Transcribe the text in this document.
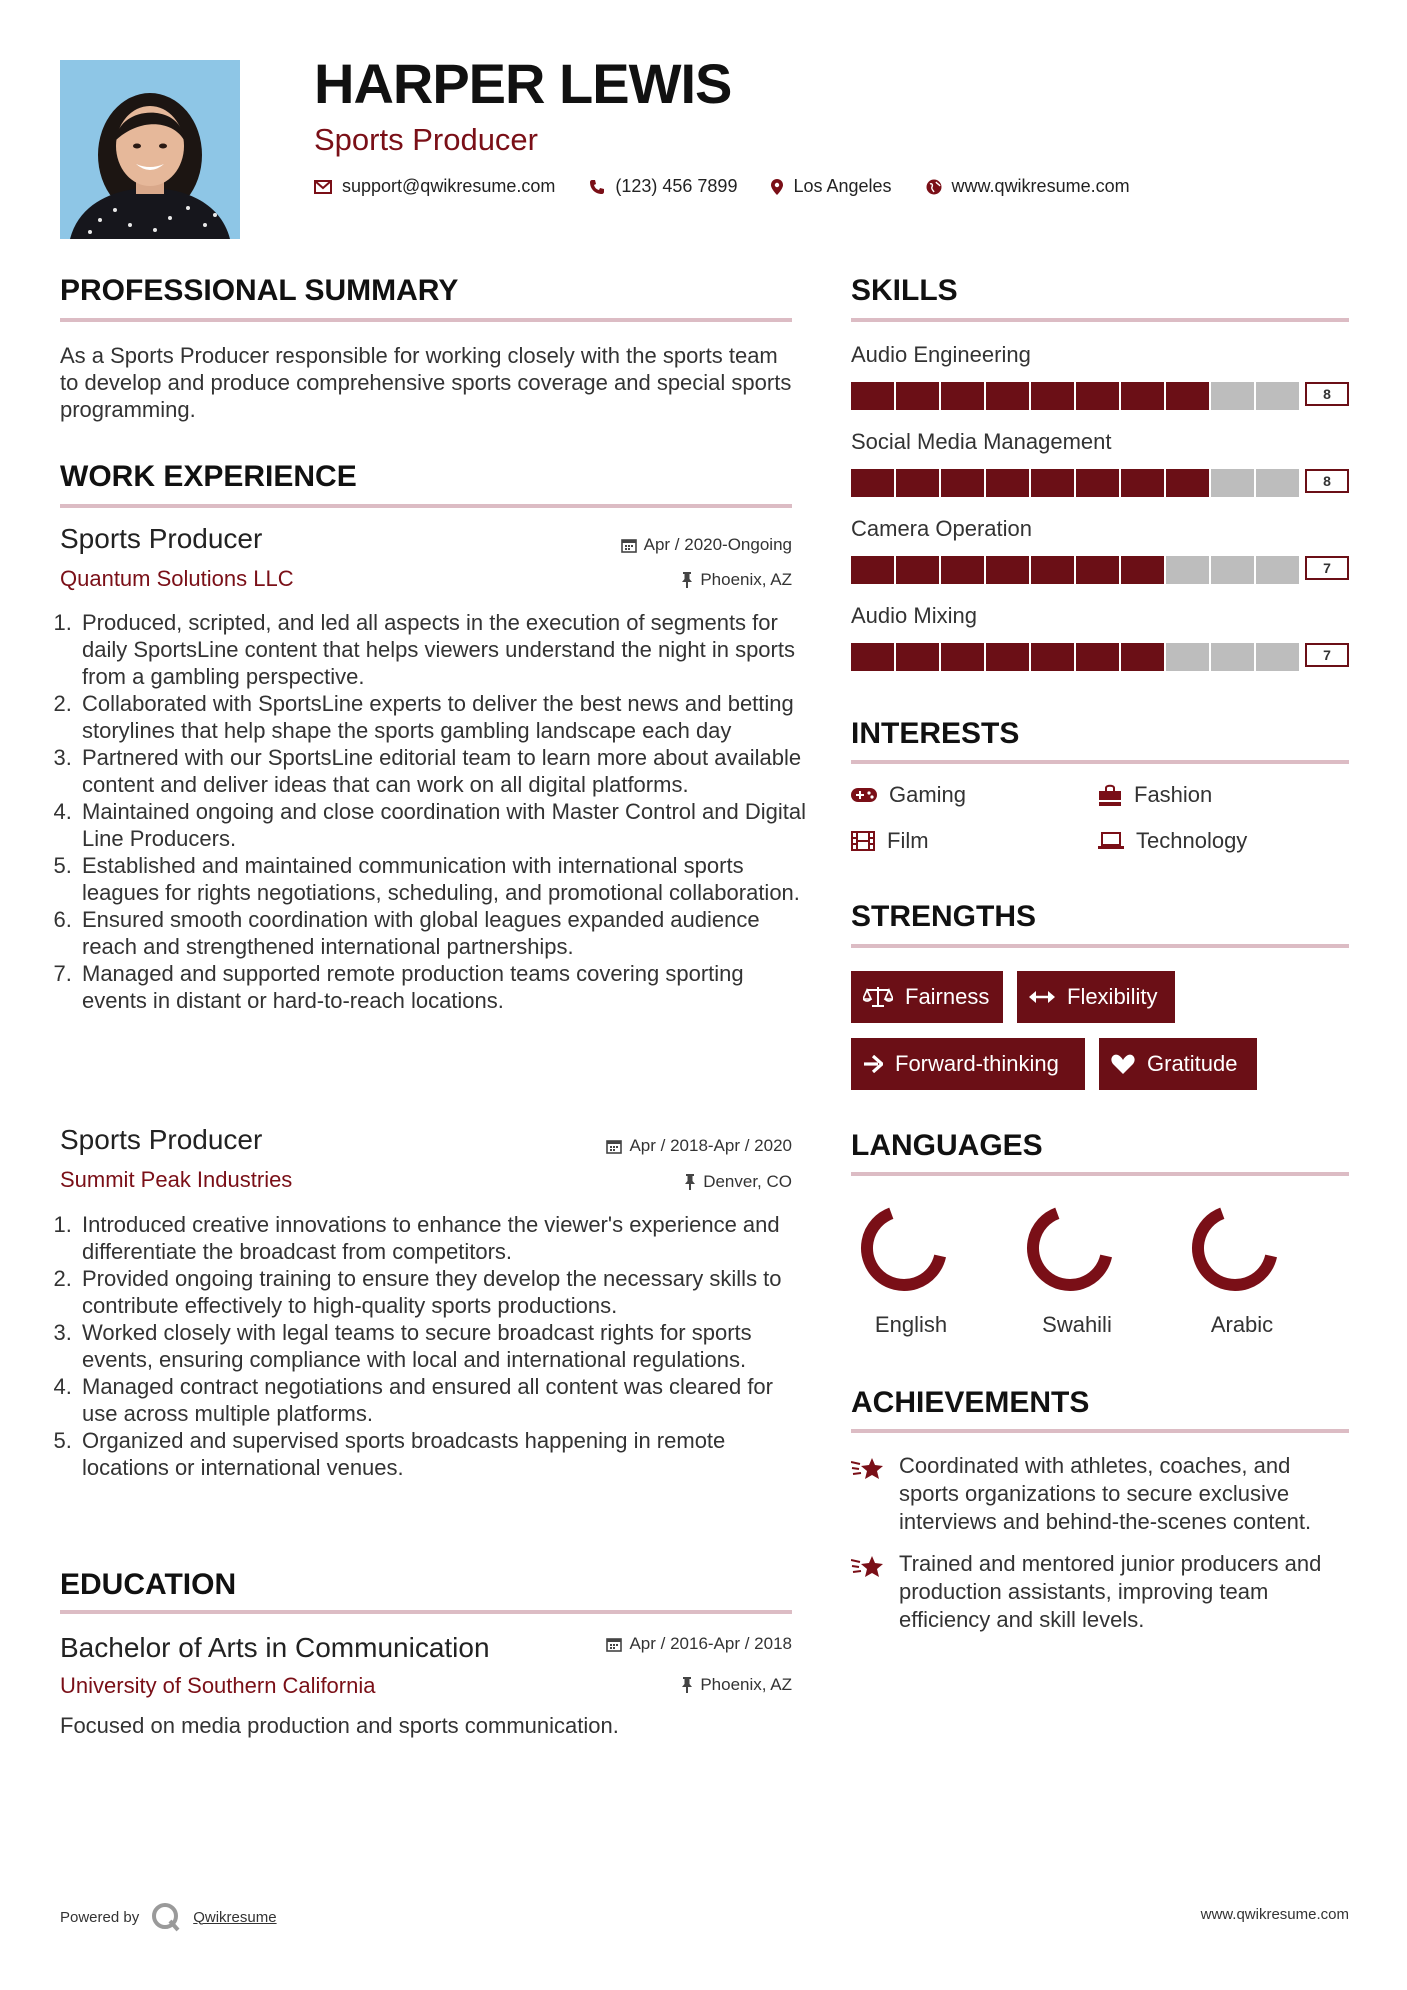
HARPER LEWIS
Sports Producer
support@qwikresume.com	(123) 456 7899	Los Angeles	www.qwikresume.com
PROFESSIONAL SUMMARY
As a Sports Producer responsible for working closely with the sports team to develop and produce comprehensive sports coverage and special sports programming.
WORK EXPERIENCE
Sports Producer	Apr / 2020-Ongoing
Quantum Solutions LLC	Phoenix, AZ
1. Produced, scripted, and led all aspects in the execution of segments for daily SportsLine content that helps viewers understand the night in sports from a gambling perspective.
2. Collaborated with SportsLine experts to deliver the best news and betting storylines that help shape the sports gambling landscape each day
3. Partnered with our SportsLine editorial team to learn more about available content and deliver ideas that can work on all digital platforms.
4. Maintained ongoing and close coordination with Master Control and Digital Line Producers.
5. Established and maintained communication with international sports leagues for rights negotiations, scheduling, and promotional collaboration.
6. Ensured smooth coordination with global leagues expanded audience reach and strengthened international partnerships.
7. Managed and supported remote production teams covering sporting events in distant or hard-to-reach locations.
Sports Producer	Apr / 2018-Apr / 2020
Summit Peak Industries	Denver, CO
1. Introduced creative innovations to enhance the viewer's experience and differentiate the broadcast from competitors.
2. Provided ongoing training to ensure they develop the necessary skills to contribute effectively to high-quality sports productions.
3. Worked closely with legal teams to secure broadcast rights for sports events, ensuring compliance with local and international regulations.
4. Managed contract negotiations and ensured all content was cleared for use across multiple platforms.
5. Organized and supervised sports broadcasts happening in remote locations or international venues.
EDUCATION
Bachelor of Arts in Communication	Apr / 2016-Apr / 2018
University of Southern California	Phoenix, AZ
Focused on media production and sports communication.
SKILLS
Audio Engineering
8
Social Media Management
8
Camera Operation
7
Audio Mixing
7
INTERESTS
Gaming	Fashion
Film	Technology
STRENGTHS
Fairness	Flexibility
Forward-thinking	Gratitude
LANGUAGES
English	Swahili	Arabic
ACHIEVEMENTS
Coordinated with athletes, coaches, and sports organizations to secure exclusive interviews and behind-the-scenes content.
Trained and mentored junior producers and production assistants, improving team efficiency and skill levels.
Powered by	Qwikresume	www.qwikresume.com
